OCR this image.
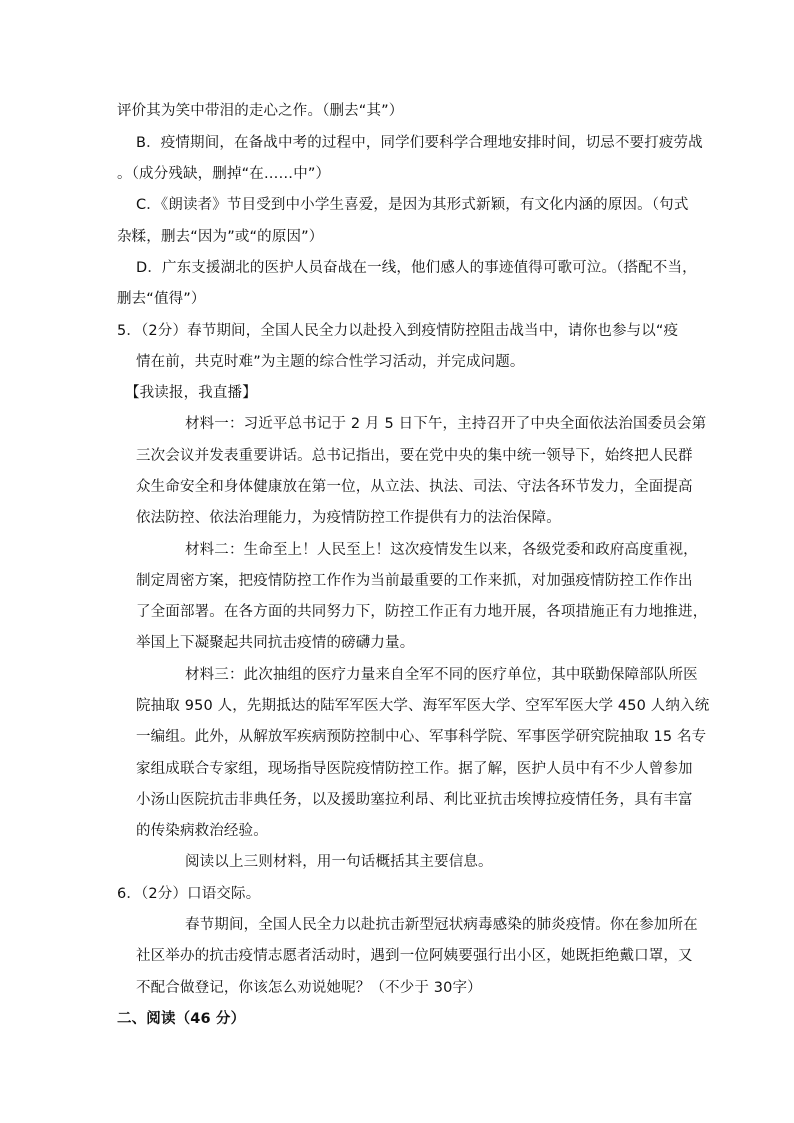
评价其为笑中带泪的走心之作。（删去“其”）
B．疫情期间，在备战中考的过程中，同学们要科学合理地安排时间，切忌不要打疲劳战
。（成分残缺，删掉“在……中”）
C．《朗读者》节目受到中小学生喜爱，是因为其形式新颖，有文化内涵的原因。（句式
杂糅，删去“因为”或“的原因”）
D．广东支援湖北的医护人员奋战在一线，他们感人的事迹值得可歌可泣。（搭配不当，
删去“值得”）
5．（2分）春节期间，全国人民全力以赴投入到疫情防控阻击战当中，请你也参与以“疫
情在前，共克时难”为主题的综合性学习活动，并完成问题。
【我读报，我直播】
材料一：习近平总书记于 2 月 5 日下午，主持召开了中央全面依法治国委员会第
三次会议并发表重要讲话。总书记指出，要在党中央的集中统一领导下，始终把人民群
众生命安全和身体健康放在第一位，从立法、执法、司法、守法各环节发力，全面提高
依法防控、依法治理能力，为疫情防控工作提供有力的法治保障。
材料二：生命至上！人民至上！这次疫情发生以来，各级党委和政府高度重视，
制定周密方案，把疫情防控工作作为当前最重要的工作来抓，对加强疫情防控工作作出
了全面部署。在各方面的共同努力下，防控工作正有力地开展，各项措施正有力地推进，
举国上下凝聚起共同抗击疫情的磅礴力量。
材料三：此次抽组的医疗力量来自全军不同的医疗单位，其中联勤保障部队所医
院抽取 950 人，先期抵达的陆军军医大学、海军军医大学、空军军医大学 450 人纳入统
一编组。此外，从解放军疾病预防控制中心、军事科学院、军事医学研究院抽取 15 名专
家组成联合专家组，现场指导医院疫情防控工作。据了解，医护人员中有不少人曾参加
小汤山医院抗击非典任务，以及援助塞拉利昂、利比亚抗击埃博拉疫情任务，具有丰富
的传染病救治经验。
阅读以上三则材料，用一句话概括其主要信息。
6．（2分）口语交际。
春节期间，全国人民全力以赴抗击新型冠状病毒感染的肺炎疫情。你在参加所在
社区举办的抗击疫情志愿者活动时，遇到一位阿姨要强行出小区，她既拒绝戴口罩，又
不配合做登记，你该怎么劝说她呢？（不少于 30字）
二、阅读（46 分）
